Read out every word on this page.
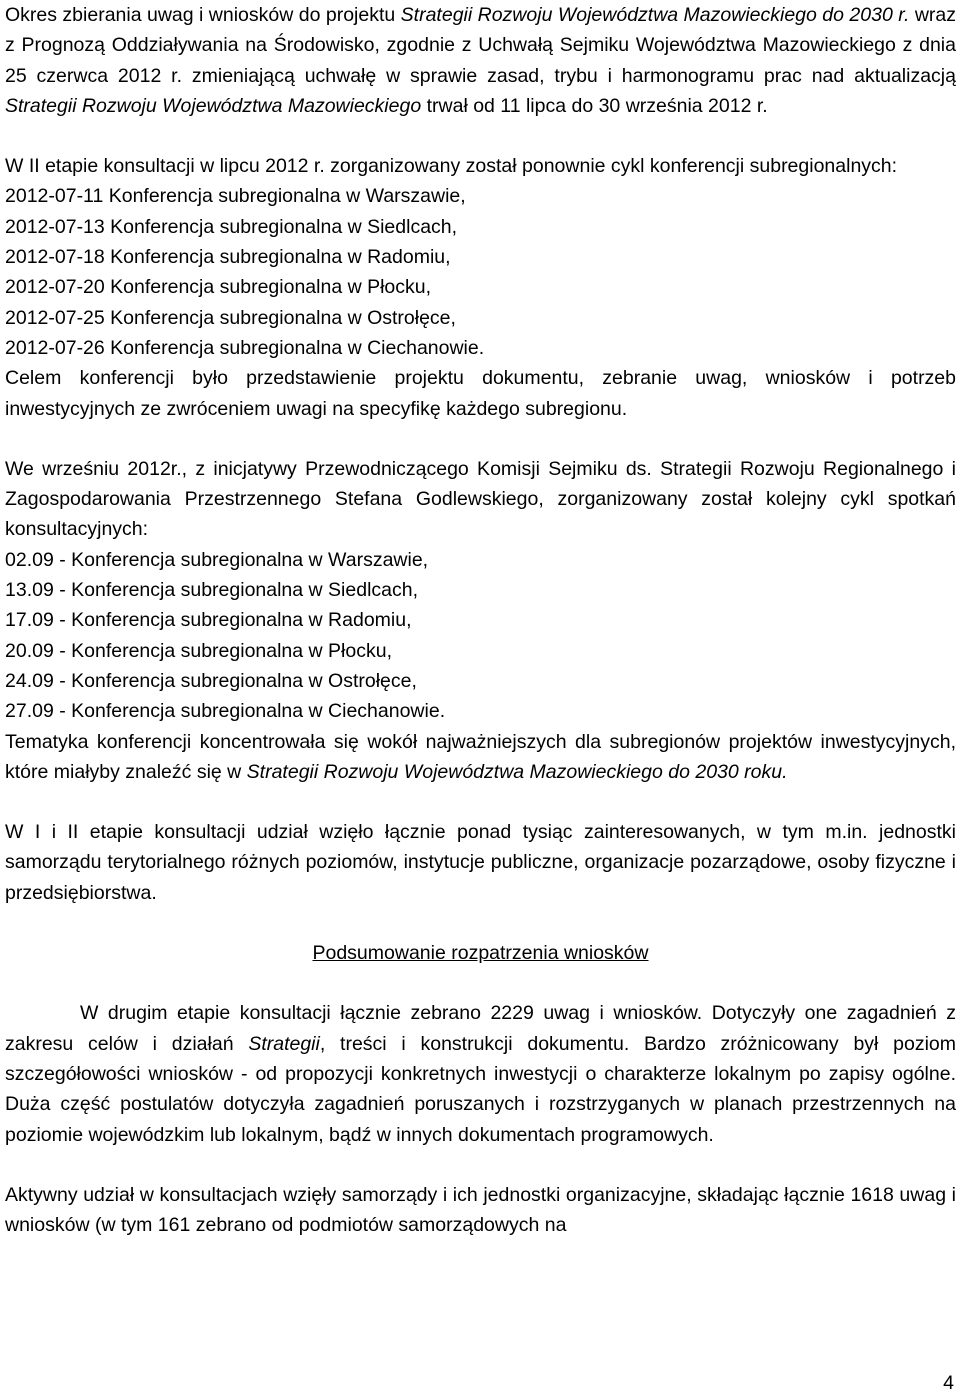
Okres zbierania uwag i wniosków do projektu Strategii Rozwoju Województwa Mazowieckiego do 2030 r. wraz z Prognozą Oddziaływania na Środowisko, zgodnie z Uchwałą Sejmiku Województwa Mazowieckiego z dnia 25 czerwca 2012 r. zmieniającą uchwałę w sprawie zasad, trybu i harmonogramu prac nad aktualizacją Strategii Rozwoju Województwa Mazowieckiego trwał od 11 lipca do 30 września 2012 r.

W II etapie konsultacji w lipcu 2012 r. zorganizowany został ponownie cykl konferencji subregionalnych:

2012-07-11 Konferencja subregionalna w Warszawie,

2012-07-13 Konferencja subregionalna w Siedlcach,

2012-07-18 Konferencja subregionalna w Radomiu,

2012-07-20 Konferencja subregionalna w Płocku,

2012-07-25 Konferencja subregionalna w Ostrołęce,

2012-07-26 Konferencja subregionalna w Ciechanowie.

Celem konferencji było przedstawienie projektu dokumentu, zebranie uwag, wniosków i potrzeb inwestycyjnych ze zwróceniem uwagi na specyfikę każdego subregionu.

We wrześniu 2012r., z inicjatywy Przewodniczącego Komisji Sejmiku ds. Strategii Rozwoju Regionalnego i Zagospodarowania Przestrzennego Stefana Godlewskiego, zorganizowany został kolejny cykl spotkań konsultacyjnych:

02.09 - Konferencja subregionalna w Warszawie,

13.09 - Konferencja subregionalna w Siedlcach,

17.09 - Konferencja subregionalna w Radomiu,

20.09 - Konferencja subregionalna w Płocku,

24.09 - Konferencja subregionalna w Ostrołęce,

27.09 - Konferencja subregionalna w Ciechanowie.

Tematyka konferencji koncentrowała się wokół najważniejszych dla subregionów projektów inwestycyjnych, które miałyby znaleźć się w Strategii Rozwoju Województwa Mazowieckiego do 2030 roku.

W I i II etapie konsultacji udział wzięło łącznie ponad tysiąc zainteresowanych, w tym m.in. jednostki samorządu terytorialnego różnych poziomów, instytucje publiczne, organizacje pozarządowe, osoby fizyczne i przedsiębiorstwa.

Podsumowanie rozpatrzenia wniosków

W drugim etapie konsultacji łącznie zebrano 2229 uwag i wniosków. Dotyczyły one zagadnień z zakresu celów i działań Strategii, treści i konstrukcji dokumentu. Bardzo zróżnicowany był poziom szczegółowości wniosków - od propozycji konkretnych inwestycji o charakterze lokalnym po zapisy ogólne. Duża część postulatów dotyczyła zagadnień poruszanych i rozstrzyganych w planach przestrzennych na poziomie wojewódzkim lub lokalnym, bądź w innych dokumentach programowych.

Aktywny udział w konsultacjach wzięły samorządy i ich jednostki organizacyjne, składając łącznie 1618 uwag i wniosków (w tym 161 zebrano od podmiotów samorządowych na

4
